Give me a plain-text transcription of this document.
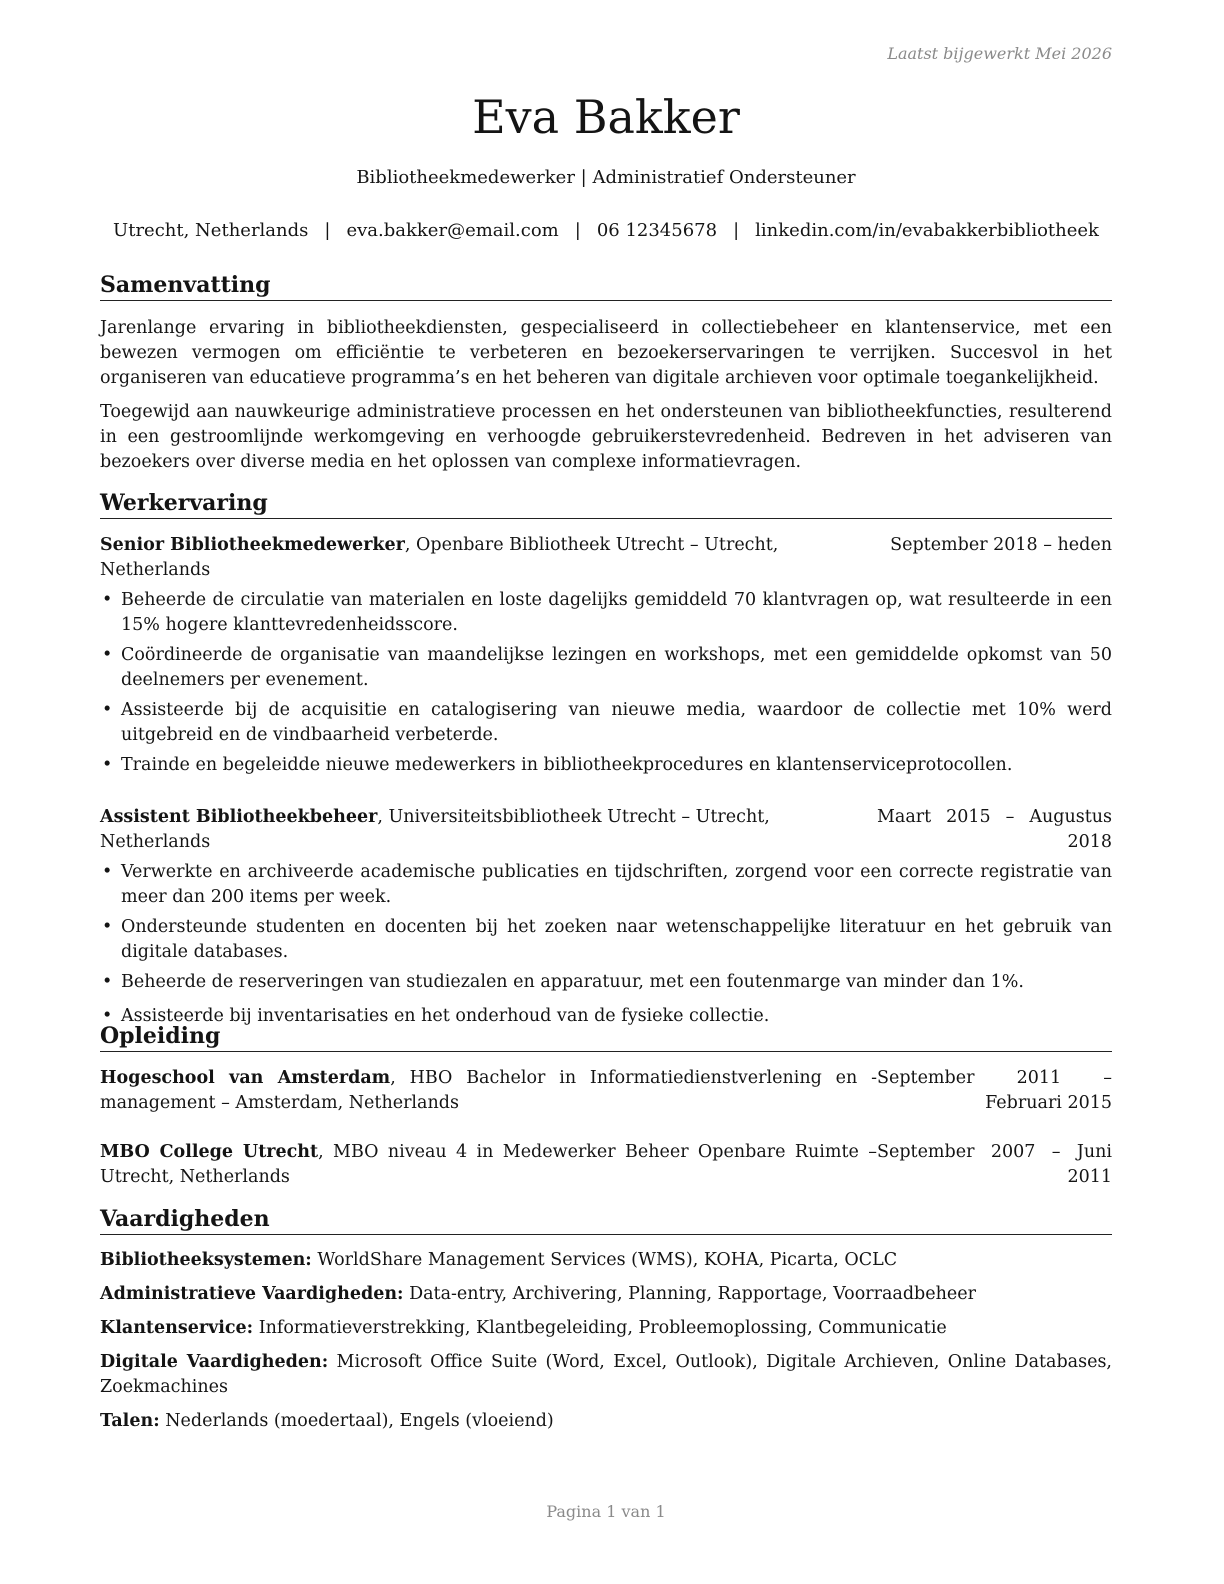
Laatst bijgewerkt Mei 2026
Eva Bakker
Bibliotheekmedewerker | Administratief Ondersteuner
Utrecht, Netherlands | eva.bakker@email.com | 06 12345678 | linkedin.com/in/evabakkerbibliotheek
Samenvatting

Jarenlange ervaring in bibliotheekdiensten, gespecialiseerd in collectiebeheer en klantenservice, met een bewezen vermogen om efficiëntie te verbeteren en bezoekerservaringen te verrijken. Succesvol in het organiseren van educatieve programma’s en het beheren van digitale archieven voor optimale toegankelijkheid.

Toegewijd aan nauwkeurige administratieve processen en het ondersteunen van bibliotheekfuncties, resulterend in een gestroomlijnde werkomgeving en verhoogde gebruikerstevredenheid. Bedreven in het adviseren van bezoekers over diverse media en het oplossen van complexe informatievragen.

Werkervaring
Senior Bibliotheekmedewerker, Openbare Bibliotheek Utrecht – Utrecht, Netherlands
September 2018 – heden
• Beheerde de circulatie van materialen en loste dagelijks gemiddeld 70 klantvragen op, wat resulteerde in een 15% hogere klanttevredenheidsscore.
• Coördineerde de organisatie van maandelijkse lezingen en workshops, met een gemiddelde opkomst van 50 deelnemers per evenement.
• Assisteerde bij de acquisitie en catalogisering van nieuwe media, waardoor de collectie met 10% werd uitgebreid en de vindbaarheid verbeterde.
• Trainde en begeleidde nieuwe medewerkers in bibliotheekprocedures en klantenserviceprotocollen.
Assistent Bibliotheekbeheer, Universiteitsbibliotheek Utrecht – Utrecht, Netherlands
Maart 2015 – Augustus 2018
• Verwerkte en archiveerde academische publicaties en tijdschriften, zorgend voor een correcte registratie van meer dan 200 items per week.
• Ondersteunde studenten en docenten bij het zoeken naar wetenschappelijke literatuur en het gebruik van digitale databases.
• Beheerde de reserveringen van studiezalen en apparatuur, met een foutenmarge van minder dan 1%.
• Assisteerde bij inventarisaties en het onderhoud van de fysieke collectie.
Opleiding
Hogeschool van Amsterdam, HBO Bachelor in Informatiedienstverlening en -management – Amsterdam, Netherlands
September 2011 – Februari 2015
MBO College Utrecht, MBO niveau 4 in Medewerker Beheer Openbare Ruimte – Utrecht, Netherlands
September 2007 – Juni 2011
Vaardigheden

Bibliotheeksystemen: WorldShare Management Services (WMS), KOHA, Picarta, OCLC

Administratieve Vaardigheden: Data-entry, Archivering, Planning, Rapportage, Voorraadbeheer

Klantenservice: Informatieverstrekking, Klantbegeleiding, Probleemoplossing, Communicatie

Digitale Vaardigheden: Microsoft Office Suite (Word, Excel, Outlook), Digitale Archieven, Online Databases, Zoekmachines

Talen: Nederlands (moedertaal), Engels (vloeiend)

Pagina 1 van 1
